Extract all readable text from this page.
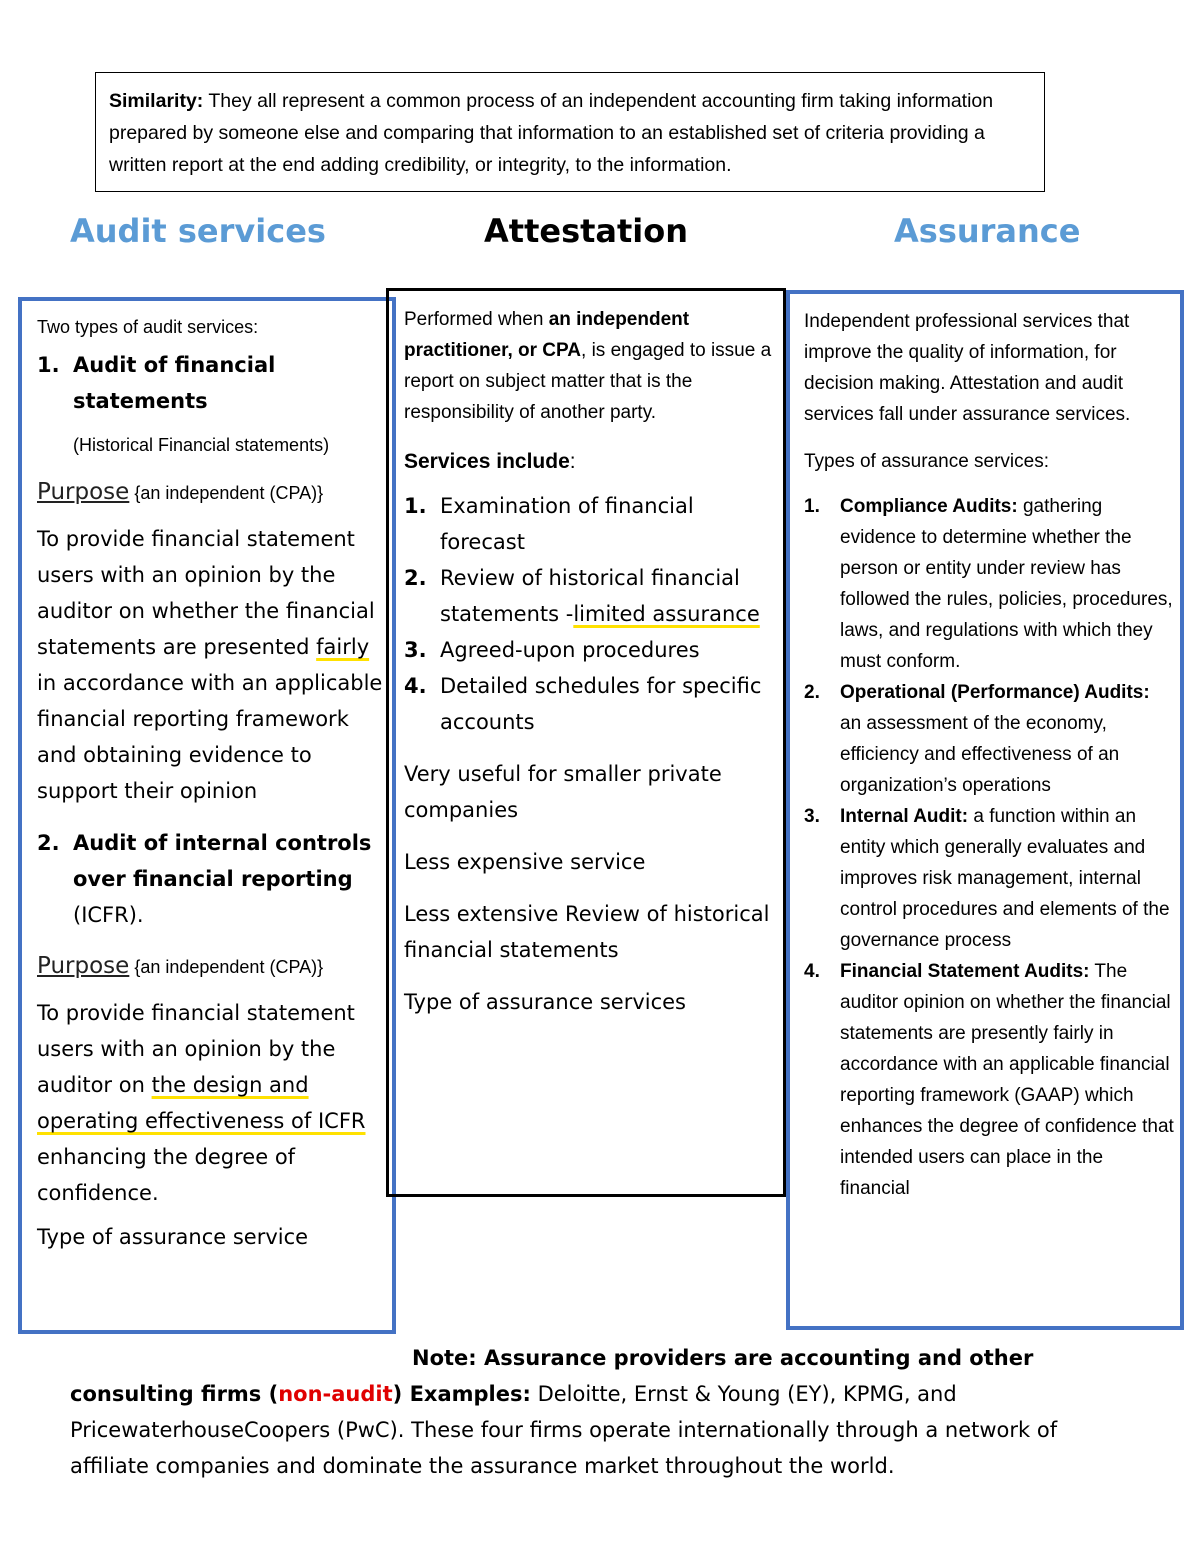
Similarity: They all represent a common process of an independent accounting firm taking information prepared by someone else and comparing that information to an established set of criteria providing a written report at the end adding credibility, or integrity, to the information.
Audit services	Attestation	Assurance

Two types of audit services:

1. Audit of financial statements

(Historical Financial statements)

Purpose {an independent (CPA)}

To provide financial statement users with an opinion by the auditor on whether the financial statements are presented fairly in accordance with an applicable financial reporting framework and obtaining evidence to support their opinion

2. Audit of internal controls over financial reporting (ICFR).

Purpose {an independent (CPA)}

To provide financial statement users with an opinion by the auditor on the design and operating effectiveness of ICFR enhancing the degree of confidence.

Type of assurance service

Performed when an independent practitioner, or CPA, is engaged to issue a report on subject matter that is the responsibility of another party.

Services include:

1. Examination of financial forecast
2. Review of historical financial statements -limited assurance
3. Agreed-upon procedures
4. Detailed schedules for specific accounts

Very useful for smaller private companies

Less expensive service

Less extensive Review of historical financial statements

Type of assurance services

Independent professional services that improve the quality of information, for decision making. Attestation and audit services fall under assurance services.

Types of assurance services:

1. Compliance Audits: gathering evidence to determine whether the person or entity under review has followed the rules, policies, procedures, laws, and regulations with which they must conform.
2. Operational (Performance) Audits: an assessment of the economy, efficiency and effectiveness of an organization’s operations
3. Internal Audit: a function within an entity which generally evaluates and improves risk management, internal control procedures and elements of the governance process
4. Financial Statement Audits: The auditor opinion on whether the financial statements are presently fairly in accordance with an applicable financial reporting framework (GAAP) which enhances the degree of confidence that intended users can place in the financial
Note: Assurance providers are accounting and other consulting firms (non-audit) Examples: Deloitte, Ernst & Young (EY), KPMG, and PricewaterhouseCoopers (PwC). These four firms operate internationally through a network of affiliate companies and dominate the assurance market throughout the world.
